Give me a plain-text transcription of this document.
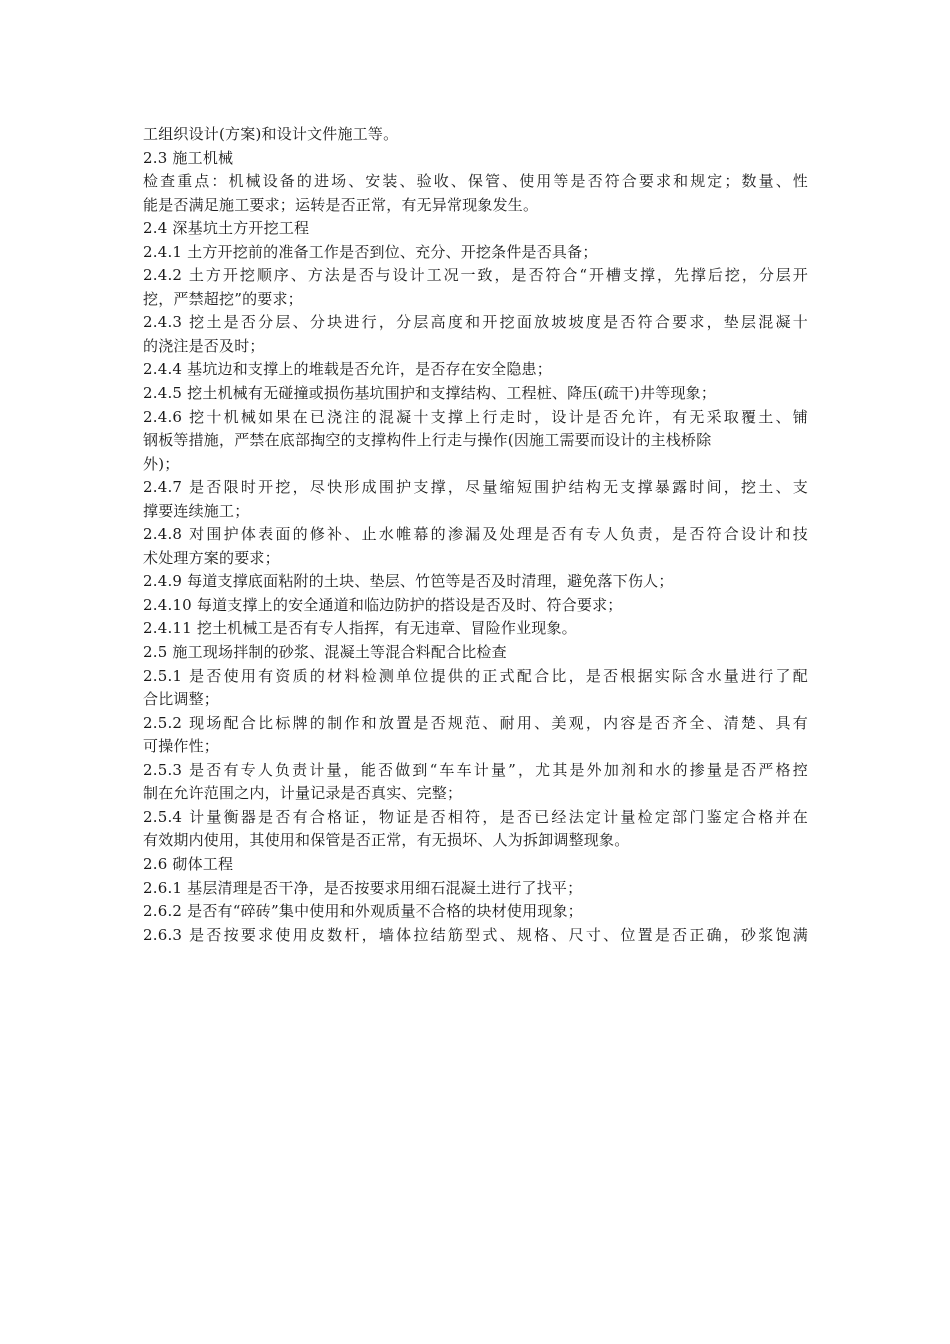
工组织设计(方案)和设计文件施工等。
2.3 施工机械
检查重点：机械设备的进场、安装、验收、保管、使用等是否符合要求和规定；数量、性
能是否满足施工要求；运转是否正常，有无异常现象发生。
2.4 深基坑土方开挖工程
2.4.1 土方开挖前的准备工作是否到位、充分、开挖条件是否具备；
2.4.2 土方开挖顺序、方法是否与设计工况一致，是否符合“开槽支撑，先撑后挖，分层开
挖，严禁超挖”的要求；
2.4.3 挖土是否分层、分块进行，分层高度和开挖面放坡坡度是否符合要求，垫层混凝十
的浇注是否及时；
2.4.4 基坑边和支撑上的堆载是否允许，是否存在安全隐患；
2.4.5 挖土机械有无碰撞或损伤基坑围护和支撑结构、工程桩、降压(疏干)井等现象；
2.4.6 挖十机械如果在已浇注的混凝十支撑上行走时，设计是否允许，有无采取覆土、铺
钢板等措施，严禁在底部掏空的支撑构件上行走与操作(因施工需要而设计的主栈桥除
外)；
2.4.7 是否限时开挖，尽快形成围护支撑，尽量缩短围护结构无支撑暴露时间，挖土、支
撑要连续施工；
2.4.8 对围护体表面的修补、止水帷幕的渗漏及处理是否有专人负责，是否符合设计和技
术处理方案的要求；
2.4.9 每道支撑底面粘附的土块、垫层、竹笆等是否及时清理，避免落下伤人；
2.4.10 每道支撑上的安全通道和临边防护的搭设是否及时、符合要求；
2.4.11 挖土机械工是否有专人指挥，有无违章、冒险作业现象。
2.5 施工现场拌制的砂浆、混凝土等混合料配合比检查
2.5.1 是否使用有资质的材料检测单位提供的正式配合比，是否根据实际含水量进行了配
合比调整；
2.5.2 现场配合比标牌的制作和放置是否规范、耐用、美观，内容是否齐全、清楚、具有
可操作性；
2.5.3 是否有专人负责计量，能否做到“车车计量”，尤其是外加剂和水的掺量是否严格控
制在允许范围之内，计量记录是否真实、完整；
2.5.4 计量衡器是否有合格证，物证是否相符，是否已经法定计量检定部门鉴定合格并在
有效期内使用，其使用和保管是否正常，有无损坏、人为拆卸调整现象。
2.6 砌体工程
2.6.1 基层清理是否干净，是否按要求用细石混凝土进行了找平；
2.6.2 是否有“碎砖”集中使用和外观质量不合格的块材使用现象；
2.6.3 是否按要求使用皮数杆，墙体拉结筋型式、规格、尺寸、位置是否正确，砂浆饱满
